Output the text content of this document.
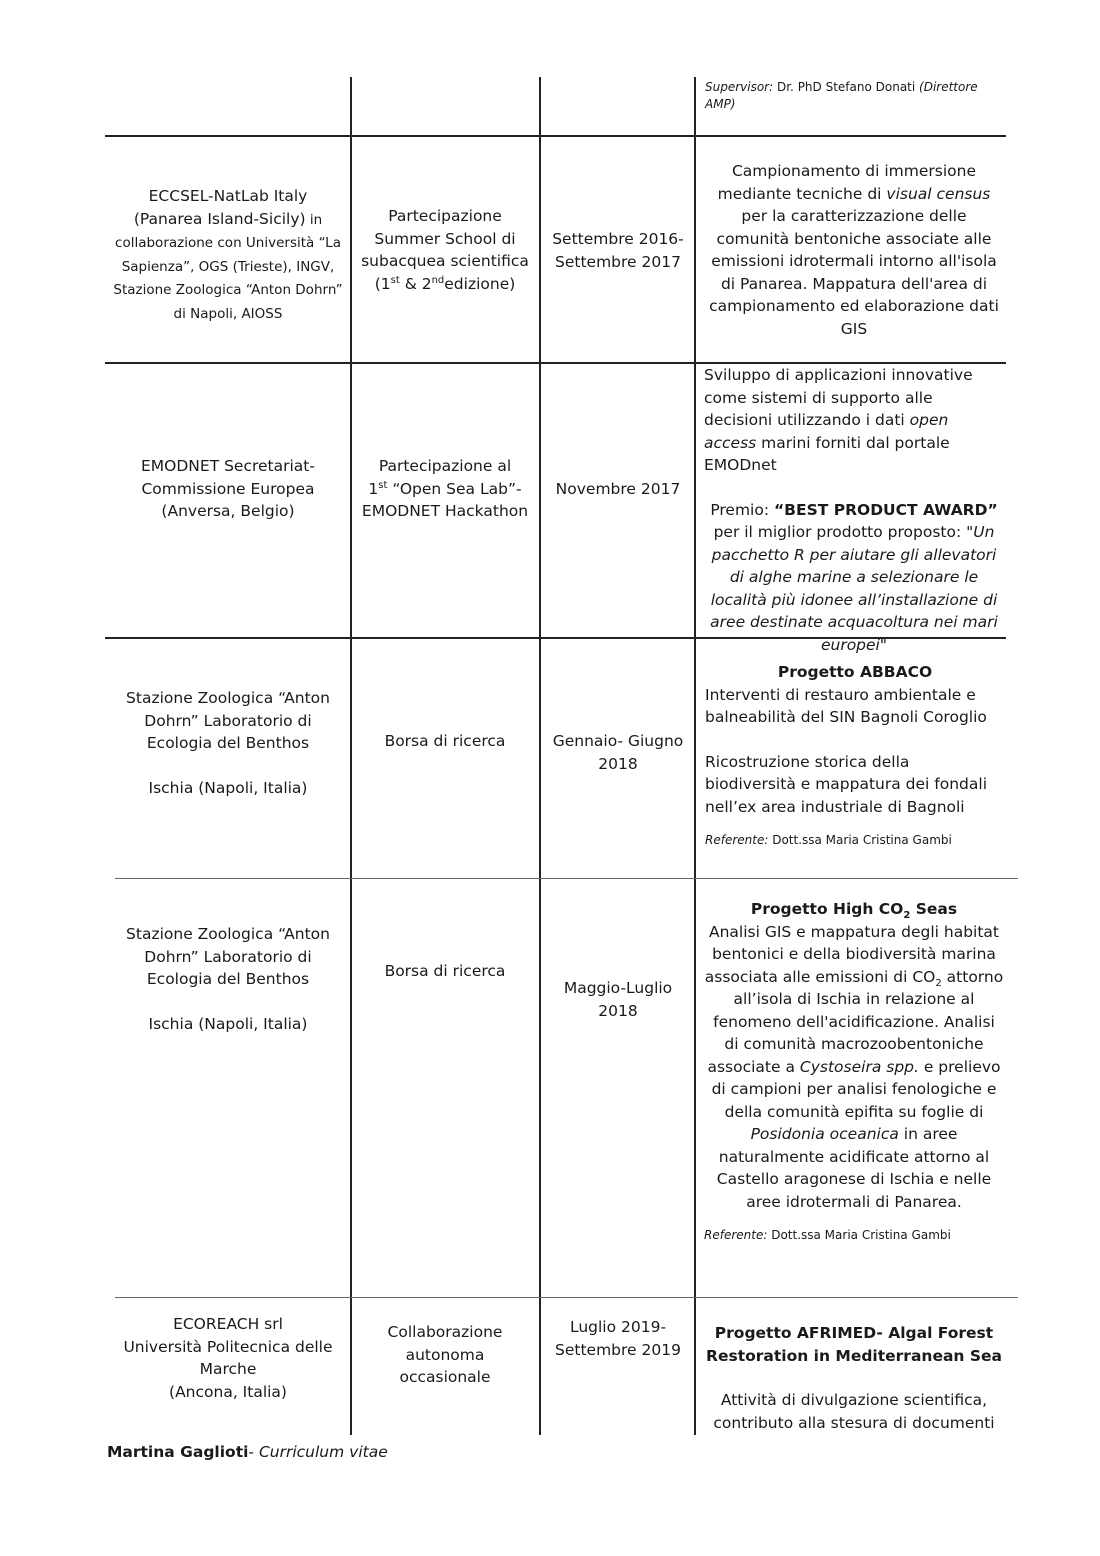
Supervisor: Dr. PhD Stefano Donati (Direttore AMP)
ECCSEL-NatLab Italy (Panarea Island-Sicily) in collaborazione con Università “La Sapienza”, OGS (Trieste), INGV, Stazione Zoologica “Anton Dohrn” di Napoli, AIOSS
Partecipazione Summer School di subacquea scientifica
(1st & 2ndedizione)
Settembre 2016- Settembre 2017
Campionamento di immersione mediante tecniche di visual census per la caratterizzazione delle comunità bentoniche associate alle emissioni idrotermali intorno all'isola di Panarea. Mappatura dell'area di campionamento ed elaborazione dati GIS
EMODNET Secretariat- Commissione Europea (Anversa, Belgio)
Partecipazione al
1st “Open Sea Lab”- EMODNET Hackathon
Novembre 2017
Sviluppo di applicazioni innovative come sistemi di supporto alle decisioni utilizzando i dati open access marini forniti dal portale EMODnet
Premio: “BEST PRODUCT AWARD” per il miglior prodotto proposto: "Un pacchetto R per aiutare gli allevatori di alghe marine a selezionare le località più idonee all’installazione di aree destinate acquacoltura nei mari europei"
Stazione Zoologica “Anton Dohrn” Laboratorio di Ecologia del Benthos
Ischia (Napoli, Italia)
Borsa di ricerca	Gennaio- Giugno 2018
Progetto ABBACO
Interventi di restauro ambientale e balneabilità del SIN Bagnoli Coroglio
Ricostruzione storica della biodiversità e mappatura dei fondali nell’ex area industriale di Bagnoli
Referente: Dott.ssa Maria Cristina Gambi
Stazione Zoologica “Anton Dohrn” Laboratorio di Ecologia del Benthos
Ischia (Napoli, Italia)
Borsa di ricerca
Maggio-Luglio 2018
Progetto High $CO_2$ Seas
Analisi GIS e mappatura degli habitat bentonici e della biodiversità marina associata alle emissioni di $CO_2$ attorno all’isola di Ischia in relazione al fenomeno dell'acidificazione. Analisi di comunità macrozoobentoniche associate a Cystoseira spp. e prelievo di campioni per analisi fenologiche e della comunità epifita su foglie di Posidonia oceanica in aree naturalmente acidificate attorno al Castello aragonese di Ischia e nelle aree idrotermali di Panarea.
Referente: Dott.ssa Maria Cristina Gambi
ECOREACH srl
Università Politecnica delle Marche
(Ancona, Italia)
Collaborazione autonoma occasionale
Luglio 2019- Settembre 2019
Progetto AFRIMED- Algal Forest Restoration in Mediterranean Sea
Attività di divulgazione scientifica, contributo alla stesura di documenti
Martina Gaglioti- Curriculum vitae
